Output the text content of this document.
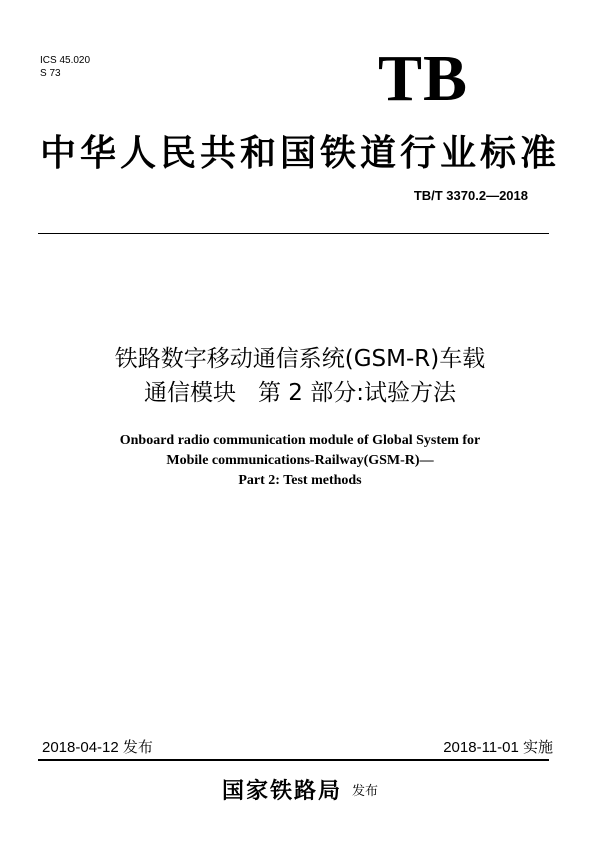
ICS 45.020
S 73	TB
中华人民共和国铁道行业标准
TB/T 3370.2—2018
铁路数字移动通信系统(GSM-R)车载
通信模块   第 2 部分:试验方法
Onboard radio communication module of Global System for
Mobile communications-Railway(GSM-R)—
Part 2: Test methods
2018-04-12 发布	2018-11-01 实施
国家铁路局 发布
